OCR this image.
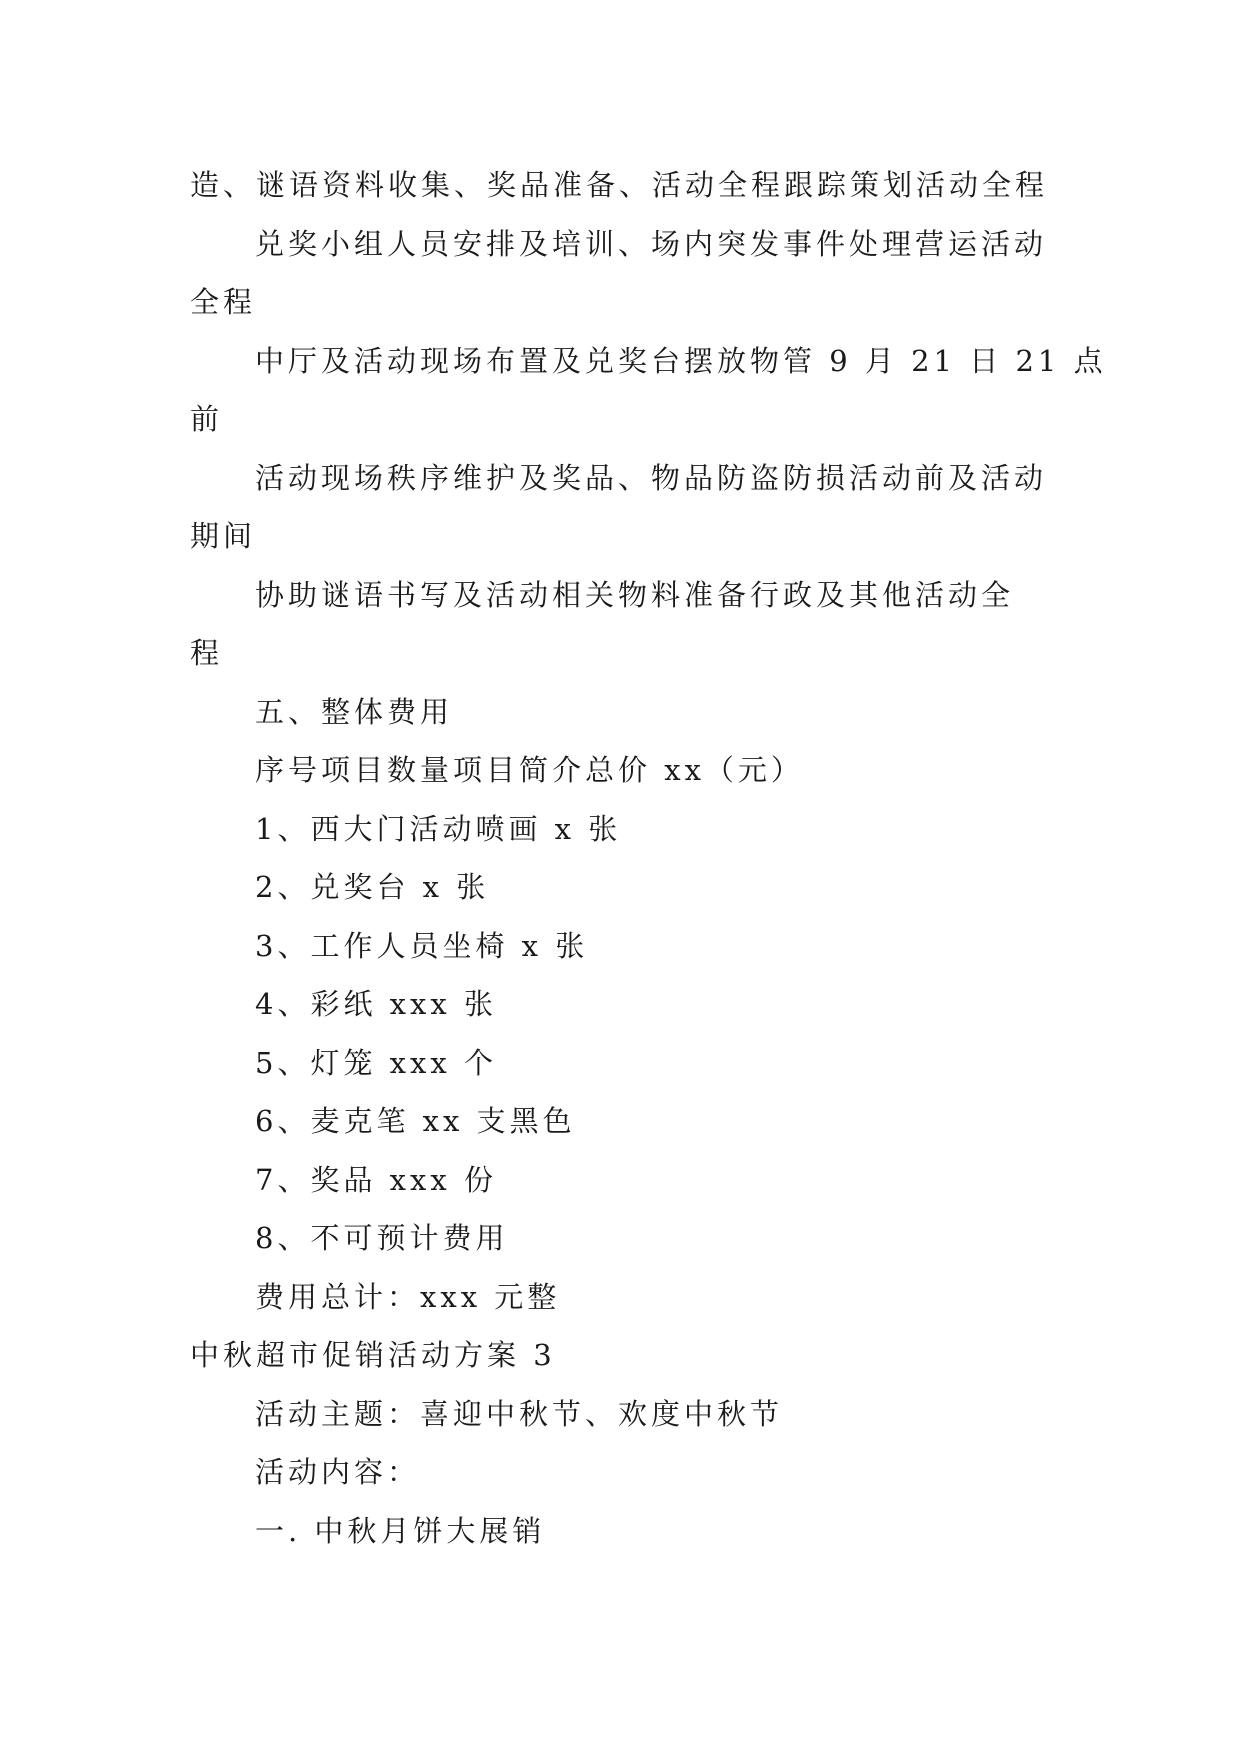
造、谜语资料收集、奖品准备、活动全程跟踪策划活动全程
兑奖小组人员安排及培训、场内突发事件处理营运活动
全程
中厅及活动现场布置及兑奖台摆放物管 9 月 21 日 21 点
前
活动现场秩序维护及奖品、物品防盗防损活动前及活动
期间
协助谜语书写及活动相关物料准备行政及其他活动全
程
五、整体费用
序号项目数量项目简介总价 xx（元）
1、西大门活动喷画 x 张
2、兑奖台 x 张
3、工作人员坐椅 x 张
4、彩纸 xxx 张
5、灯笼 xxx 个
6、麦克笔 xx 支黑色
7、奖品 xxx 份
8、不可预计费用
费用总计：xxx 元整
中秋超市促销活动方案 3
活动主题：喜迎中秋节、欢度中秋节
活动内容：
一. 中秋月饼大展销
